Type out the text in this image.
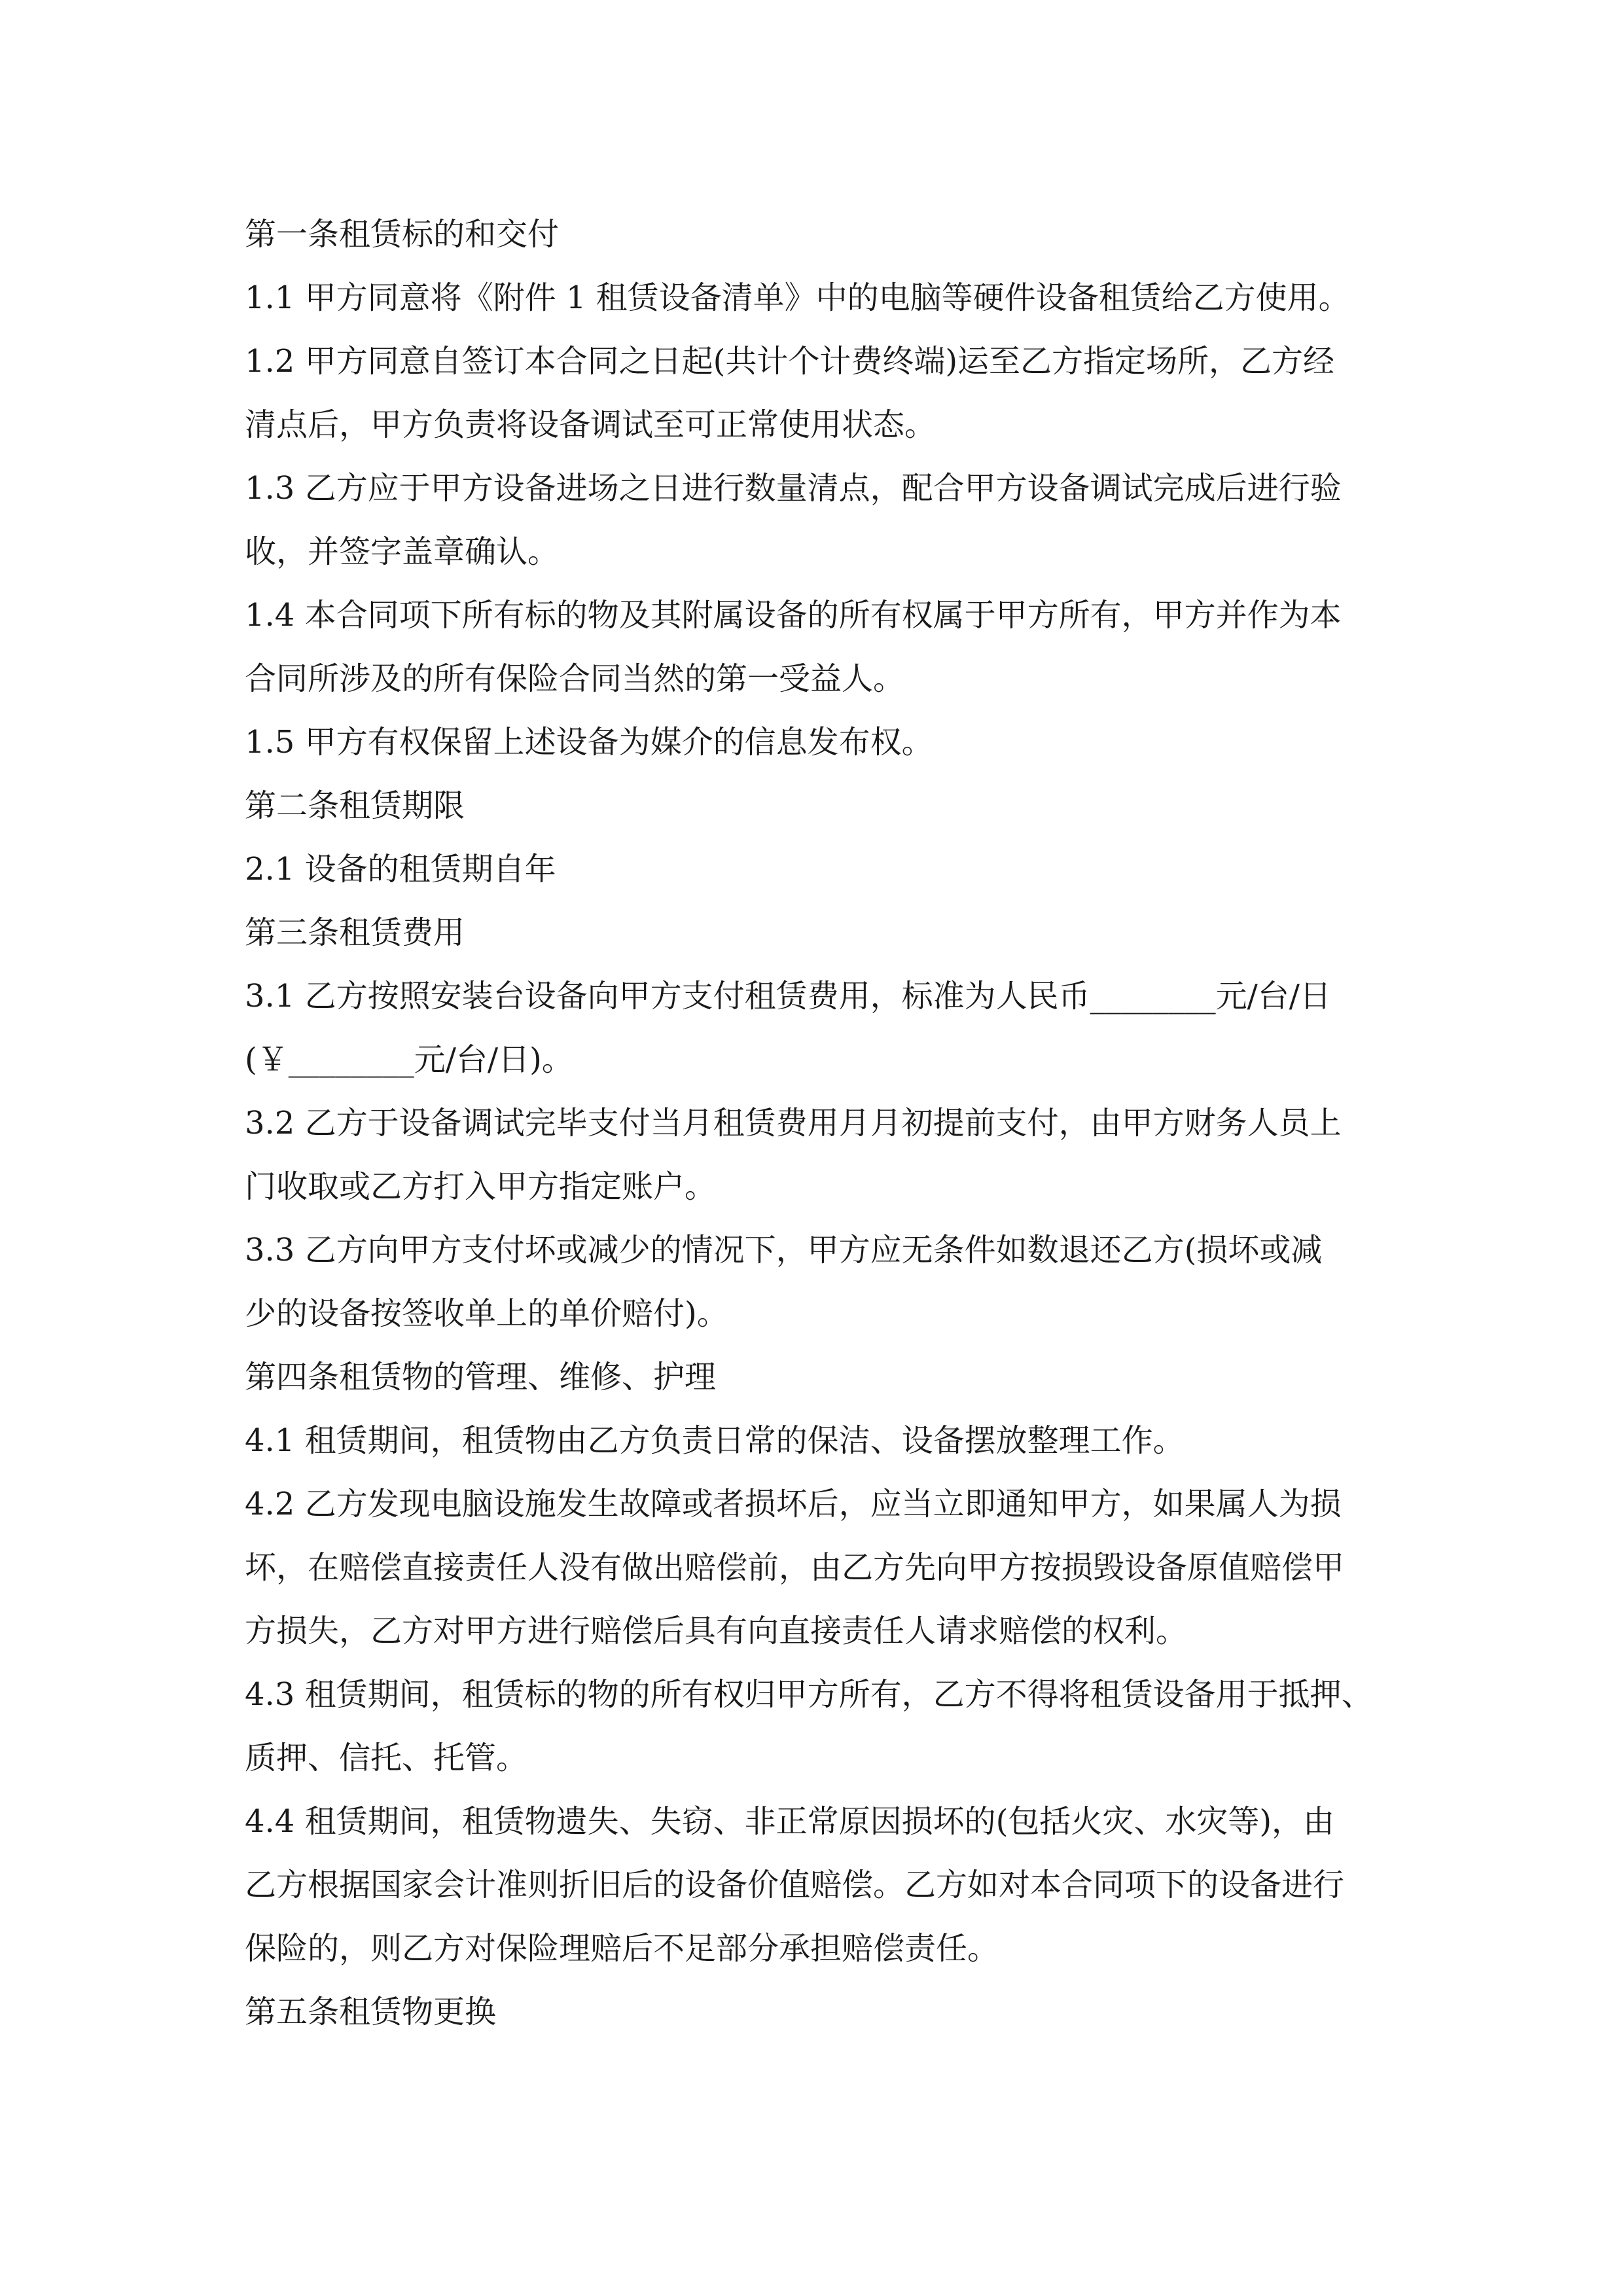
第一条租赁标的和交付
1.1 甲方同意将《附件 1 租赁设备清单》中的电脑等硬件设备租赁给乙方使用。
1.2 甲方同意自签订本合同之日起(共计个计费终端)运至乙方指定场所，乙方经
清点后，甲方负责将设备调试至可正常使用状态。
1.3 乙方应于甲方设备进场之日进行数量清点，配合甲方设备调试完成后进行验
收，并签字盖章确认。
1.4 本合同项下所有标的物及其附属设备的所有权属于甲方所有，甲方并作为本
合同所涉及的所有保险合同当然的第一受益人。
1.5 甲方有权保留上述设备为媒介的信息发布权。
第二条租赁期限
2.1 设备的租赁期自年
第三条租赁费用
3.1 乙方按照安装台设备向甲方支付租赁费用，标准为人民币________元/台/日
(￥________元/台/日)。
3.2 乙方于设备调试完毕支付当月租赁费用月月初提前支付，由甲方财务人员上
门收取或乙方打入甲方指定账户。
3.3 乙方向甲方支付坏或减少的情况下，甲方应无条件如数退还乙方(损坏或减
少的设备按签收单上的单价赔付)。
第四条租赁物的管理、维修、护理
4.1 租赁期间，租赁物由乙方负责日常的保洁、设备摆放整理工作。
4.2 乙方发现电脑设施发生故障或者损坏后，应当立即通知甲方，如果属人为损
坏，在赔偿直接责任人没有做出赔偿前，由乙方先向甲方按损毁设备原值赔偿甲
方损失，乙方对甲方进行赔偿后具有向直接责任人请求赔偿的权利。
4.3 租赁期间，租赁标的物的所有权归甲方所有，乙方不得将租赁设备用于抵押、
质押、信托、托管。
4.4 租赁期间，租赁物遗失、失窃、非正常原因损坏的(包括火灾、水灾等)，由
乙方根据国家会计准则折旧后的设备价值赔偿。乙方如对本合同项下的设备进行
保险的，则乙方对保险理赔后不足部分承担赔偿责任。
第五条租赁物更换
